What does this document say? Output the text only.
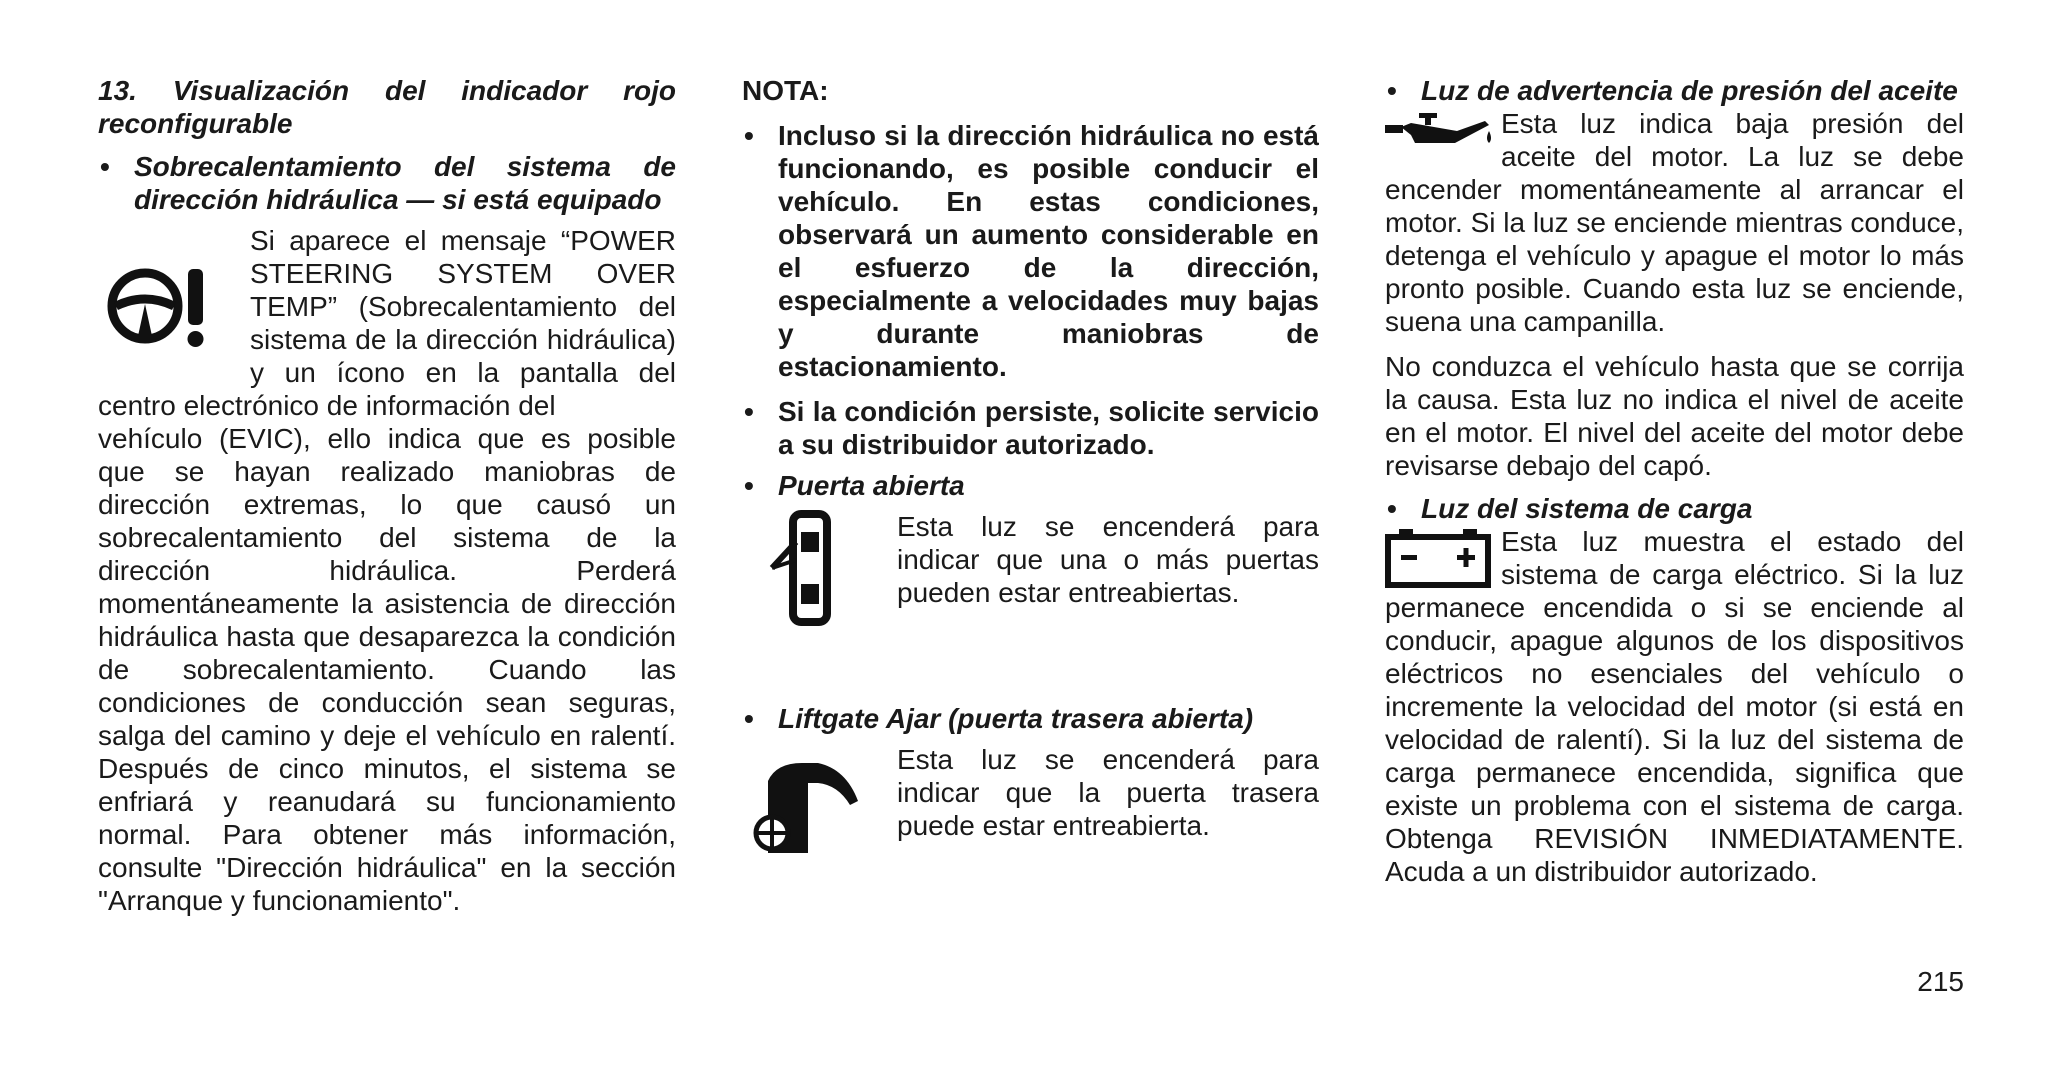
13. Visualización del indicador rojo reconfigurable

• Sobrecalentamiento del sistema de dirección hidráulica — si está equipado

Si aparece el mensaje “POWER STEERING SYSTEM OVER TEMP” (Sobrecalentamiento del sistema de la dirección hidráulica) y un ícono en la pantalla del centro electrónico de información del

vehículo (EVIC), ello indica que es posible que se hayan realizado maniobras de dirección extremas, lo que causó un sobrecalentamiento del sistema de la dirección hidráulica. Perderá momentáneamente la asistencia de dirección hidráulica hasta que desaparezca la condición de sobrecalentamiento. Cuando las condiciones de conducción sean seguras, salga del camino y deje el vehículo en ralentí. Después de cinco minutos, el sistema se enfriará y reanudará su funcionamiento normal. Para obtener más información, consulte "Dirección hidráulica" en la sección "Arranque y funcionamiento".

NOTA:

• Incluso si la dirección hidráulica no está funcionando, es posible conducir el vehículo. En estas condiciones, observará un aumento considerable en el esfuerzo de la dirección, especialmente a velocidades muy bajas y durante maniobras de estacionamiento.
• Si la condición persiste, solicite servicio a su distribuidor autorizado.
• Puerta abierta

Esta luz se encenderá para indicar que una o más puertas pueden estar entreabiertas.

• Liftgate Ajar (puerta trasera abierta)

Esta luz se encenderá para indicar que la puerta trasera puede estar entreabierta.

• Luz de advertencia de presión del aceite

Esta luz indica baja presión del aceite del motor. La luz se debe encender momentáneamente al arrancar el motor. Si la luz se enciende mientras conduce, detenga el vehículo y apague el motor lo más pronto posible. Cuando esta luz se enciende, suena una campanilla.

No conduzca el vehículo hasta que se corrija la causa. Esta luz no indica el nivel de aceite en el motor. El nivel del aceite del motor debe revisarse debajo del capó.

• Luz del sistema de carga

Esta luz muestra el estado del sistema de carga eléctrico. Si la luz permanece encendida o si se enciende al conducir, apague algunos de los dispositivos eléctricos no esenciales del vehículo o incremente la velocidad del motor (si está en velocidad de ralentí). Si la luz del sistema de carga permanece encendida, significa que existe un problema con el sistema de carga. Obtenga REVISIÓN INMEDIATAMENTE. Acuda a un distribuidor autorizado.

215
